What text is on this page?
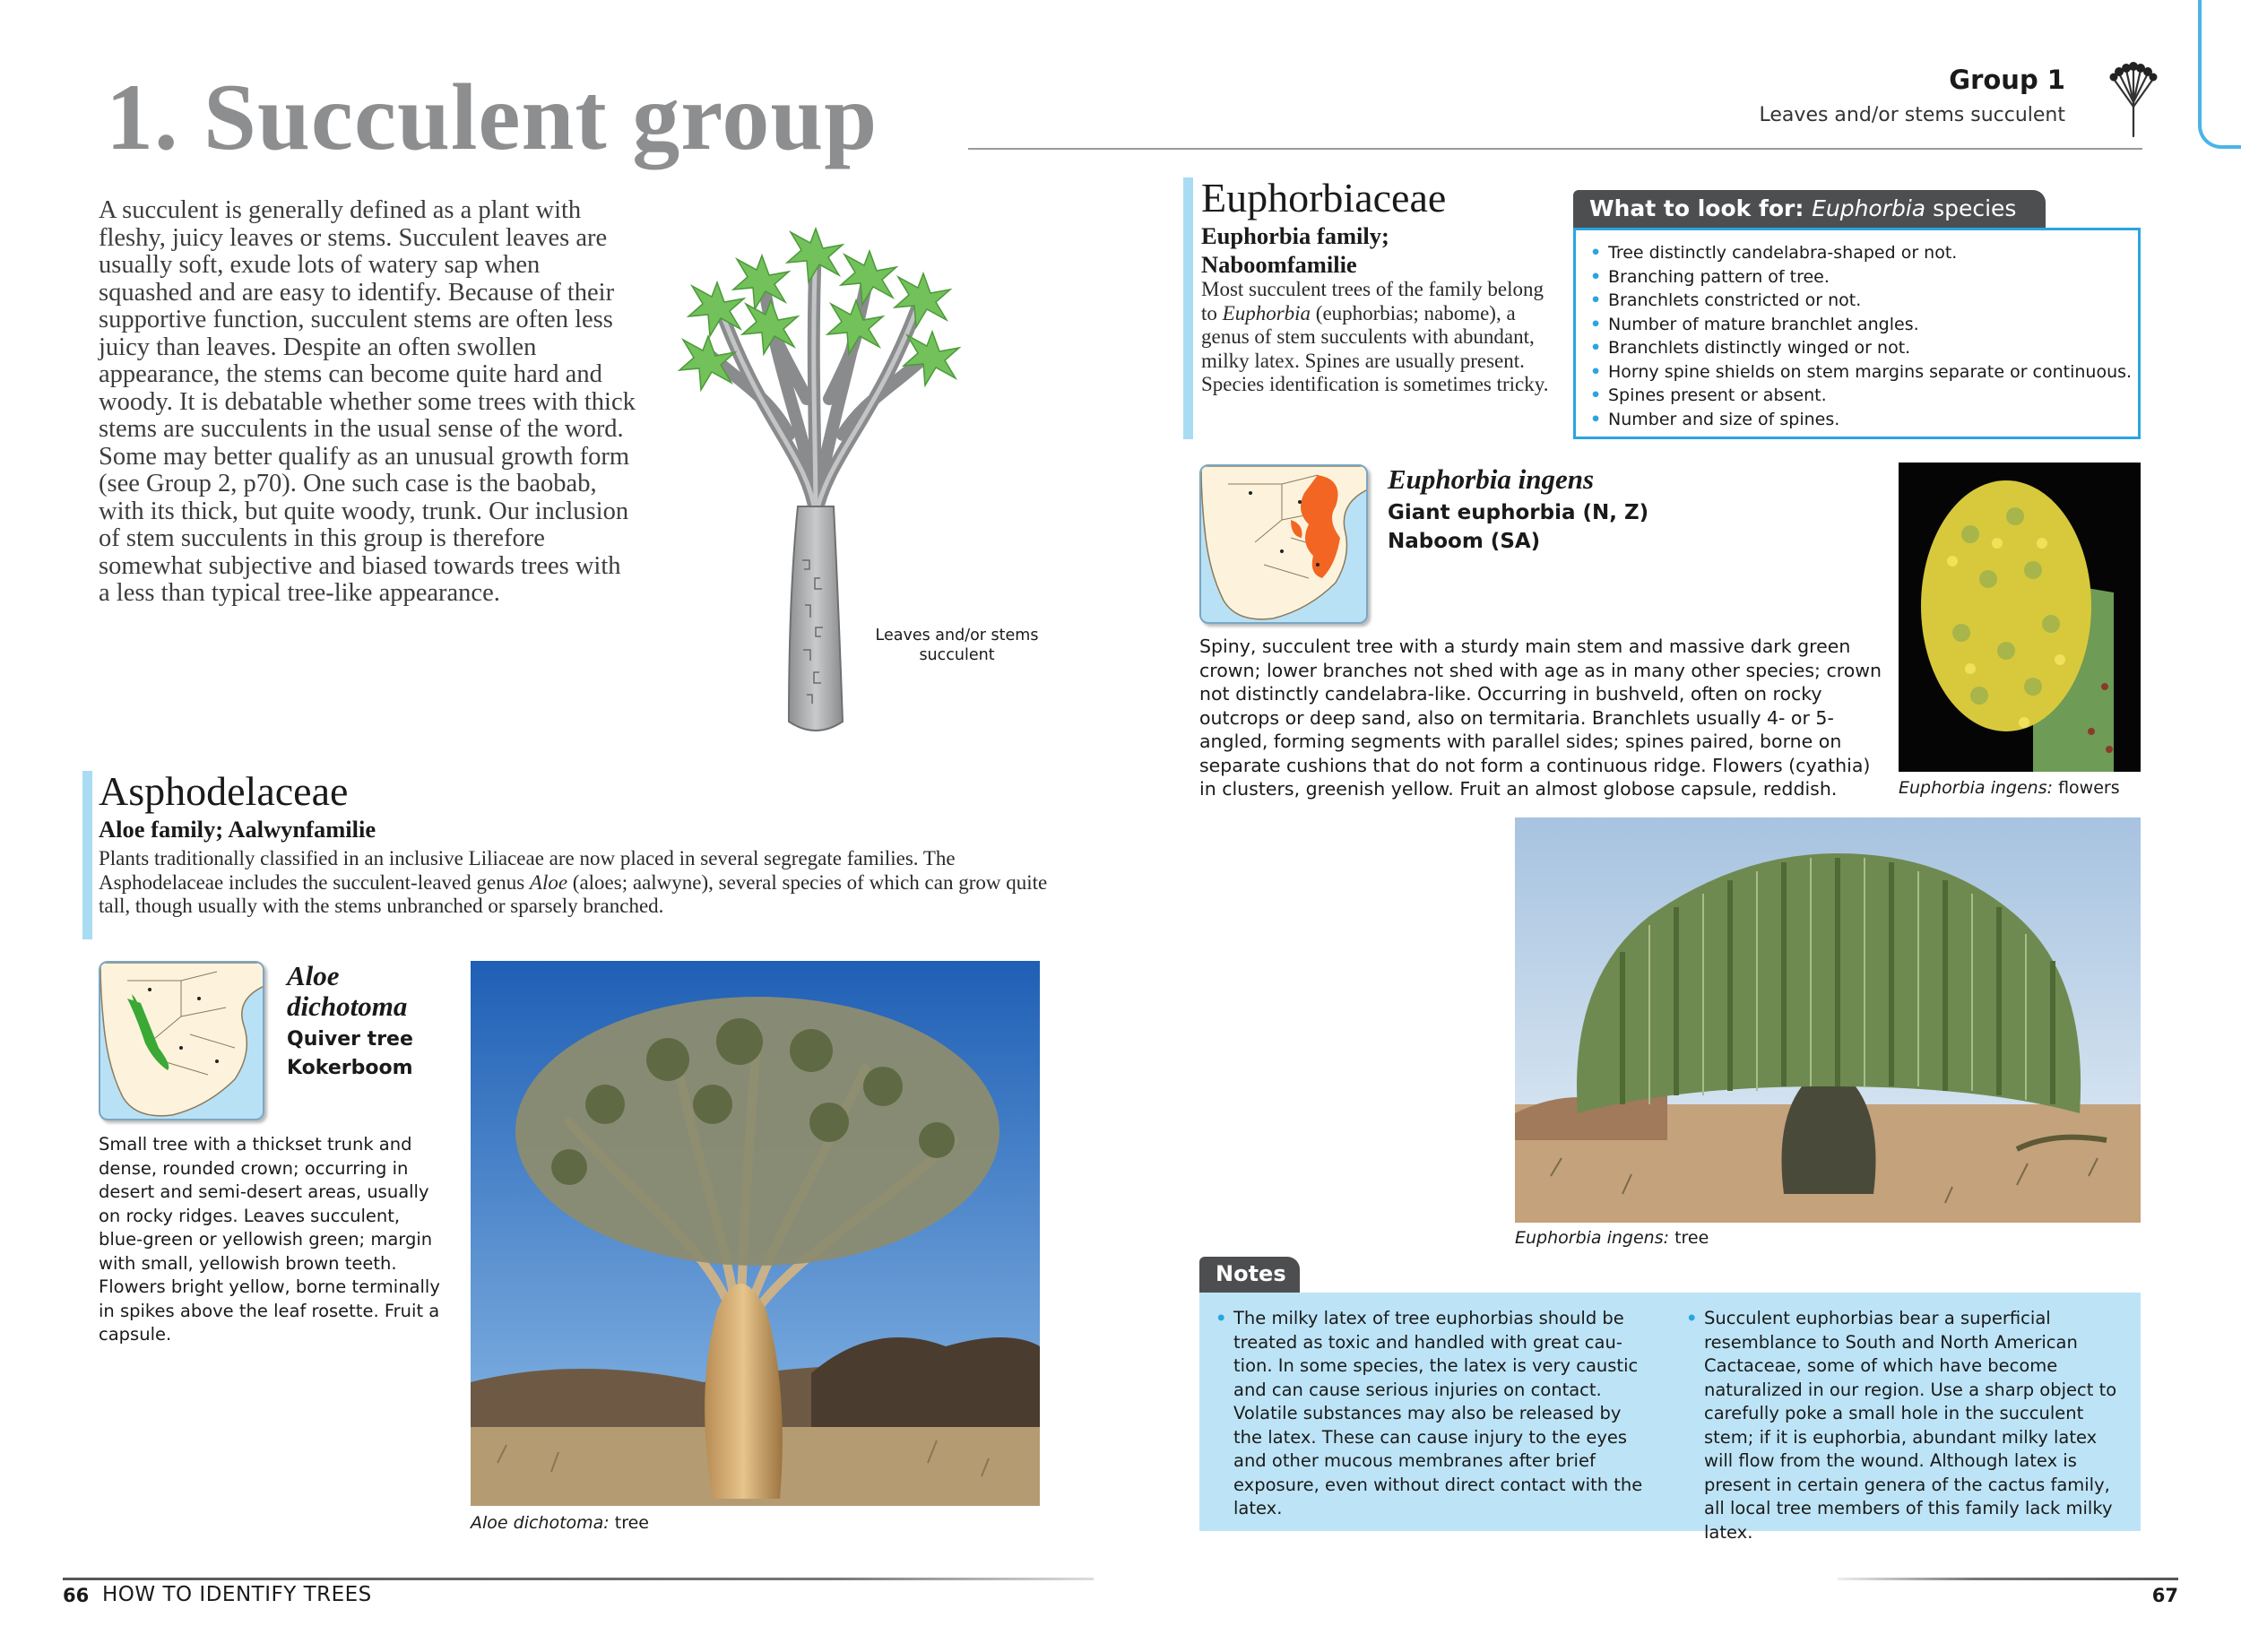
1. Succulent group	Group 1
Leaves and/or stems succulent
A succulent is generally defined as a plant with fleshy, juicy leaves or stems. Succulent leaves are usually soft, exude lots of watery sap when squashed and are easy to identify. Because of their supportive function, succulent stems are often less juicy than leaves. Despite an often swollen appearance, the stems can become quite hard and woody. It is debatable whether some trees with thick stems are succulents in the usual sense of the word. Some may better qualify as an unusual growth form (see Group 2, p70). One such case is the baobab, with its thick, but quite woody, trunk. Our inclusion of stem succulents in this group is therefore somewhat subjective and biased towards trees with a less than typical tree-like appearance.
Leaves and/or stems succulent
Asphodelaceae
Aloe family; Aalwynfamilie
Plants traditionally classified in an inclusive Liliaceae are now placed in several segregate families. The Asphodelaceae includes the succulent-leaved genus Aloe (aloes; aalwyne), several species of which can grow quite tall, though usually with the stems unbranched or sparsely branched.
Aloe
dichotoma
Quiver tree
Kokerboom
Small tree with a thickset trunk and dense, rounded crown; occurring in desert and semi-desert areas, usually on rocky ridges. Leaves succulent, blue-green or yellowish green; margin with small, yellowish brown teeth. Flowers bright yellow, borne terminally in spikes above the leaf rosette. Fruit a capsule.
Aloe dichotoma: tree
Euphorbiaceae
Euphorbia family;
Naboomfamilie
Most succulent trees of the family belong to Euphorbia (euphorbias; nabome), a genus of stem succulents with abundant, milky latex. Spines are usually present. Species identification is sometimes tricky.
What to look for: Euphorbia species
• Tree distinctly candelabra-shaped or not.
• Branching pattern of tree.
• Branchlets constricted or not.
• Number of mature branchlet angles.
• Branchlets distinctly winged or not.
• Horny spine shields on stem margins separate or continuous.
• Spines present or absent.
• Number and size of spines.
Euphorbia ingens
Giant euphorbia (N, Z)
Naboom (SA)
Spiny, succulent tree with a sturdy main stem and massive dark green crown; lower branches not shed with age as in many other species; crown not distinctly candelabra-like. Occurring in bushveld, often on rocky outcrops or deep sand, also on termitaria. Branchlets usually 4- or 5-angled, forming segments with parallel sides; spines paired, borne on separate cushions that do not form a continuous ridge. Flowers (cyathia) in clusters, greenish yellow. Fruit an almost globose capsule, reddish.	Euphorbia ingens: flowers
Euphorbia ingens: tree
Notes
• The milky latex of tree euphorbias should be treated as toxic and handled with great cau-tion. In some species, the latex is very caustic and can cause serious injuries on contact. Volatile substances may also be released by the latex. These can cause injury to the eyes and other mucous membranes after brief exposure, even without direct contact with the latex.
• Succulent euphorbias bear a superficial resemblance to South and North American Cactaceae, some of which have become naturalized in our region. Use a sharp object to carefully poke a small hole in the succulent stem; if it is euphorbia, abundant milky latex will flow from the wound. Although latex is present in certain genera of the cactus family, all local tree members of this family lack milky latex.
66 HOW TO IDENTIFY TREES	67
